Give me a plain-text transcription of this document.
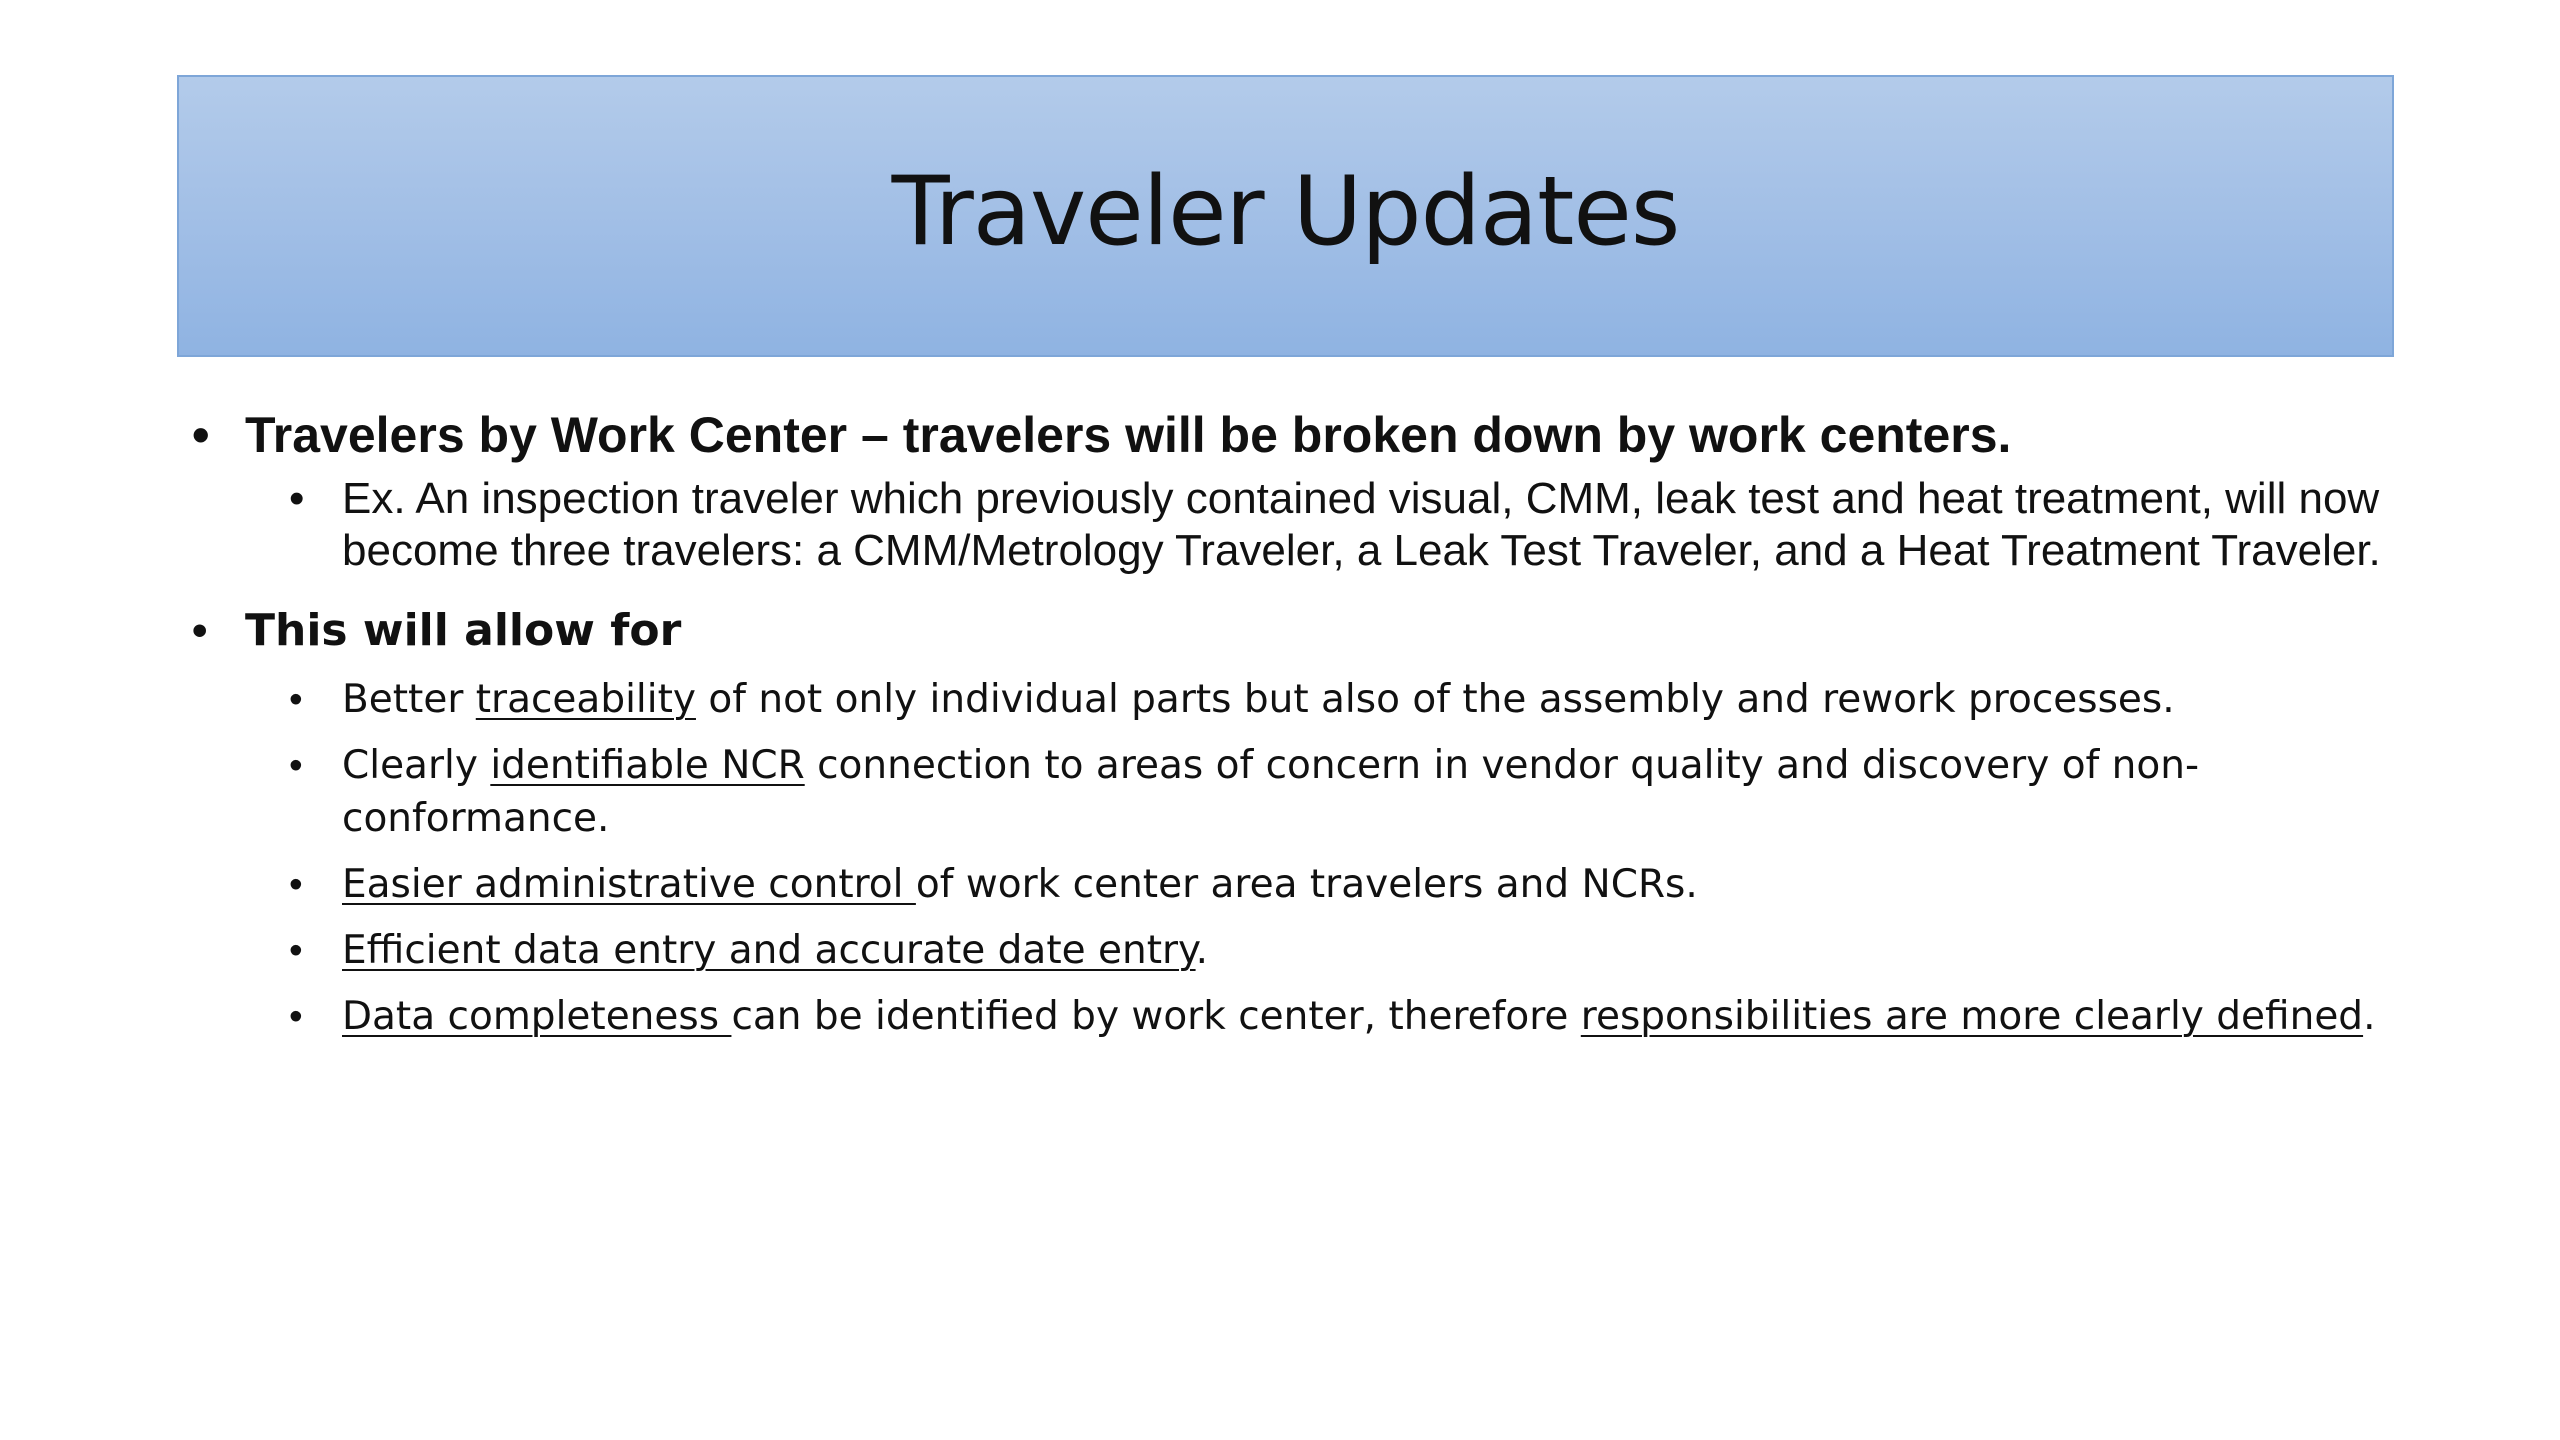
Traveler Updates
• Travelers by Work Center – travelers will be broken down by work centers.
• Ex. An inspection traveler which previously contained visual, CMM, leak test and heat treatment, will now become three travelers: a CMM/Metrology Traveler, a Leak Test Traveler, and a Heat Treatment Traveler.
• This will allow for
• Better traceability of not only individual parts but also of the assembly and rework processes.
• Clearly identifiable NCR connection to areas of concern in vendor quality and discovery of non-conformance.
• Easier administrative control of work center area travelers and NCRs.
• Efficient data entry and accurate date entry.
• Data completeness can be identified by work center, therefore responsibilities are more clearly defined.
